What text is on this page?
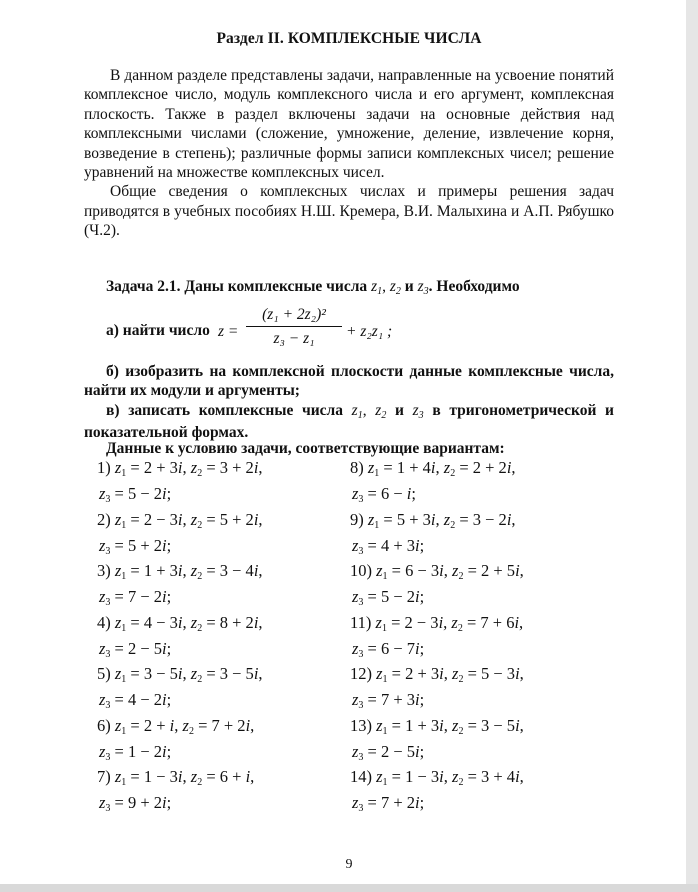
Раздел II. КОМПЛЕКСНЫЕ ЧИСЛА
В данном разделе представлены задачи, направленные на усвоение понятий комплексное число, модуль комплексного числа и его аргумент, комплексная плоскость. Также в раздел включены задачи на основные действия над комплексными числами (сложение, умножение, деление, извлечение корня, возведение в степень); различные формы записи комплексных чисел; решение уравнений на множестве комплексных чисел.
Общие сведения о комплексных числах и примеры решения задач приводятся в учебных пособиях Н.Ш. Кремера, В.И. Малыхина и А.П. Рябушко (Ч.2).
Задача 2.1. Даны комплексные числа $z_1$, $z_2$ и $z_3$. Необходимо
а) найти число $z = \frac{\text{(z₁ + 2z₂)²}}{\text{z₃ − z₁}} + z_2z_1$ ;
б) изобразить на комплексной плоскости данные комплексные числа, найти их модули и аргументы;
в) записать комплексные числа $z_1$, $z_2$ и $z_3$ в тригонометрической и показательной формах.
Данные к условию задачи, соответствующие вариантам:
1) $z_1 = 2 + 3i$, $z_2 = 3 + 2i$,
$z_3 = 5 - 2i$;
2) $z_1 = 2 - 3i$, $z_2 = 5 + 2i$,
$z_3 = 5 + 2i$;
3) $z_1 = 1 + 3i$, $z_2 = 3 - 4i$,
$z_3 = 7 - 2i$;
4) $z_1 = 4 - 3i$, $z_2 = 8 + 2i$,
$z_3 = 2 - 5i$;
5) $z_1 = 3 - 5i$, $z_2 = 3 - 5i$,
$z_3 = 4 - 2i$;
6) $z_1 = 2 + i$, $z_2 = 7 + 2i$,
$z_3 = 1 - 2i$;
7) $z_1 = 1 - 3i$, $z_2 = 6 + i$,
$z_3 = 9 + 2i$;
8) $z_1 = 1 + 4i$, $z_2 = 2 + 2i$,
$z_3 = 6 - i$;
9) $z_1 = 5 + 3i$, $z_2 = 3 - 2i$,
$z_3 = 4 + 3i$;
10) $z_1 = 6 - 3i$, $z_2 = 2 + 5i$,
$z_3 = 5 - 2i$;
11) $z_1 = 2 - 3i$, $z_2 = 7 + 6i$,
$z_3 = 6 - 7i$;
12) $z_1 = 2 + 3i$, $z_2 = 5 - 3i$,
$z_3 = 7 + 3i$;
13) $z_1 = 1 + 3i$, $z_2 = 3 - 5i$,
$z_3 = 2 - 5i$;
14) $z_1 = 1 - 3i$, $z_2 = 3 + 4i$,
$z_3 = 7 + 2i$;
9
